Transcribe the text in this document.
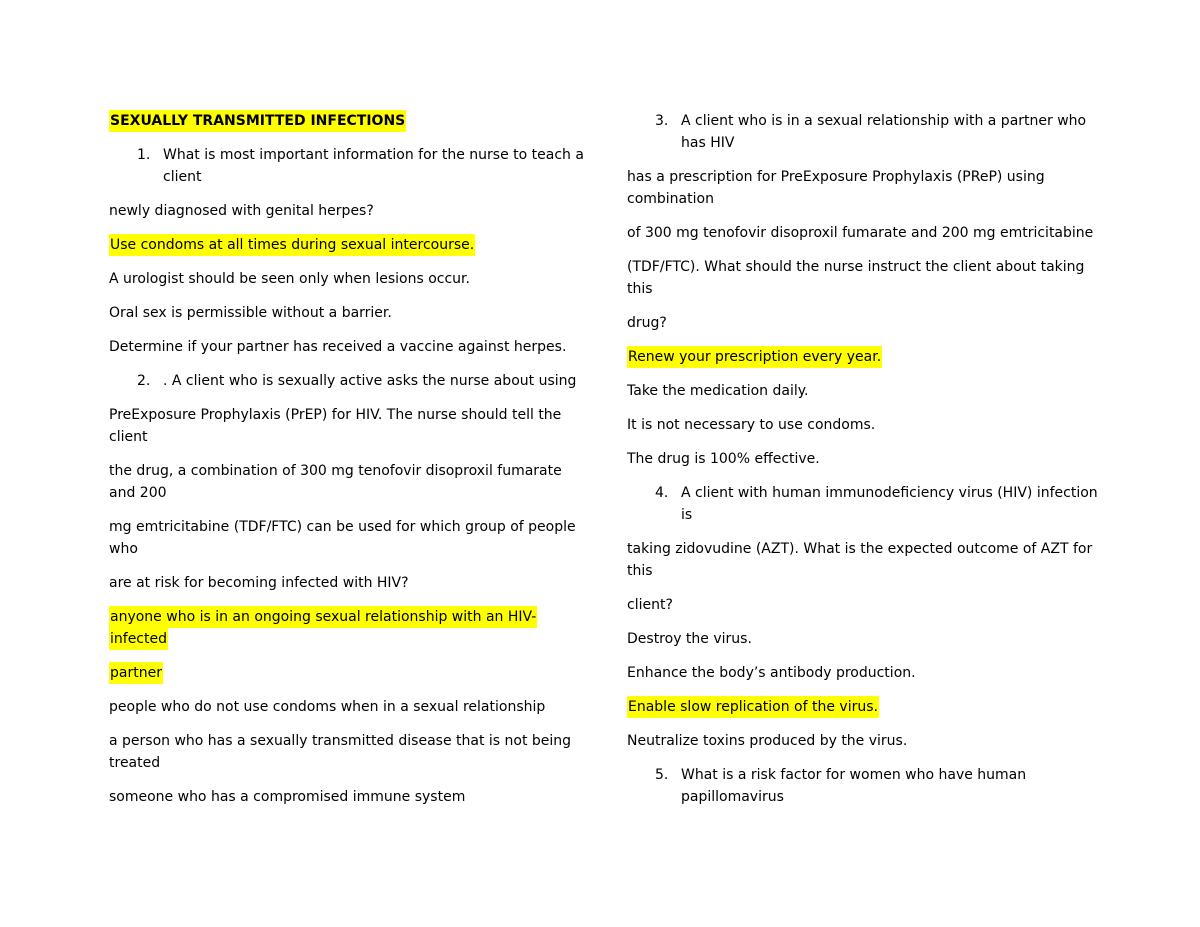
SEXUALLY TRANSMITTED INFECTIONS
1. What is most important information for the nurse to teach a
client
newly diagnosed with genital herpes?
Use condoms at all times during sexual intercourse.
A urologist should be seen only when lesions occur.
Oral sex is permissible without a barrier.
Determine if your partner has received a vaccine against herpes.
2. . A client who is sexually active asks the nurse about using
PreExposure Prophylaxis (PrEP) for HIV. The nurse should tell the
client
the drug, a combination of 300 mg tenofovir disoproxil fumarate
and 200
mg emtricitabine (TDF/FTC) can be used for which group of people
who
are at risk for becoming infected with HIV?
anyone who is in an ongoing sexual relationship with an HIV-
infected
partner
people who do not use condoms when in a sexual relationship
a person who has a sexually transmitted disease that is not being
treated
someone who has a compromised immune system
3. A client who is in a sexual relationship with a partner who
has HIV
has a prescription for PreExposure Prophylaxis (PReP) using
combination
of 300 mg tenofovir disoproxil fumarate and 200 mg emtricitabine
(TDF/FTC). What should the nurse instruct the client about taking
this
drug?
Renew your prescription every year.
Take the medication daily.
It is not necessary to use condoms.
The drug is 100% effective.
4. A client with human immunodeficiency virus (HIV) infection
is
taking zidovudine (AZT). What is the expected outcome of AZT for
this
client?
Destroy the virus.
Enhance the body’s antibody production.
Enable slow replication of the virus.
Neutralize toxins produced by the virus.
5. What is a risk factor for women who have human
papillomavirus
